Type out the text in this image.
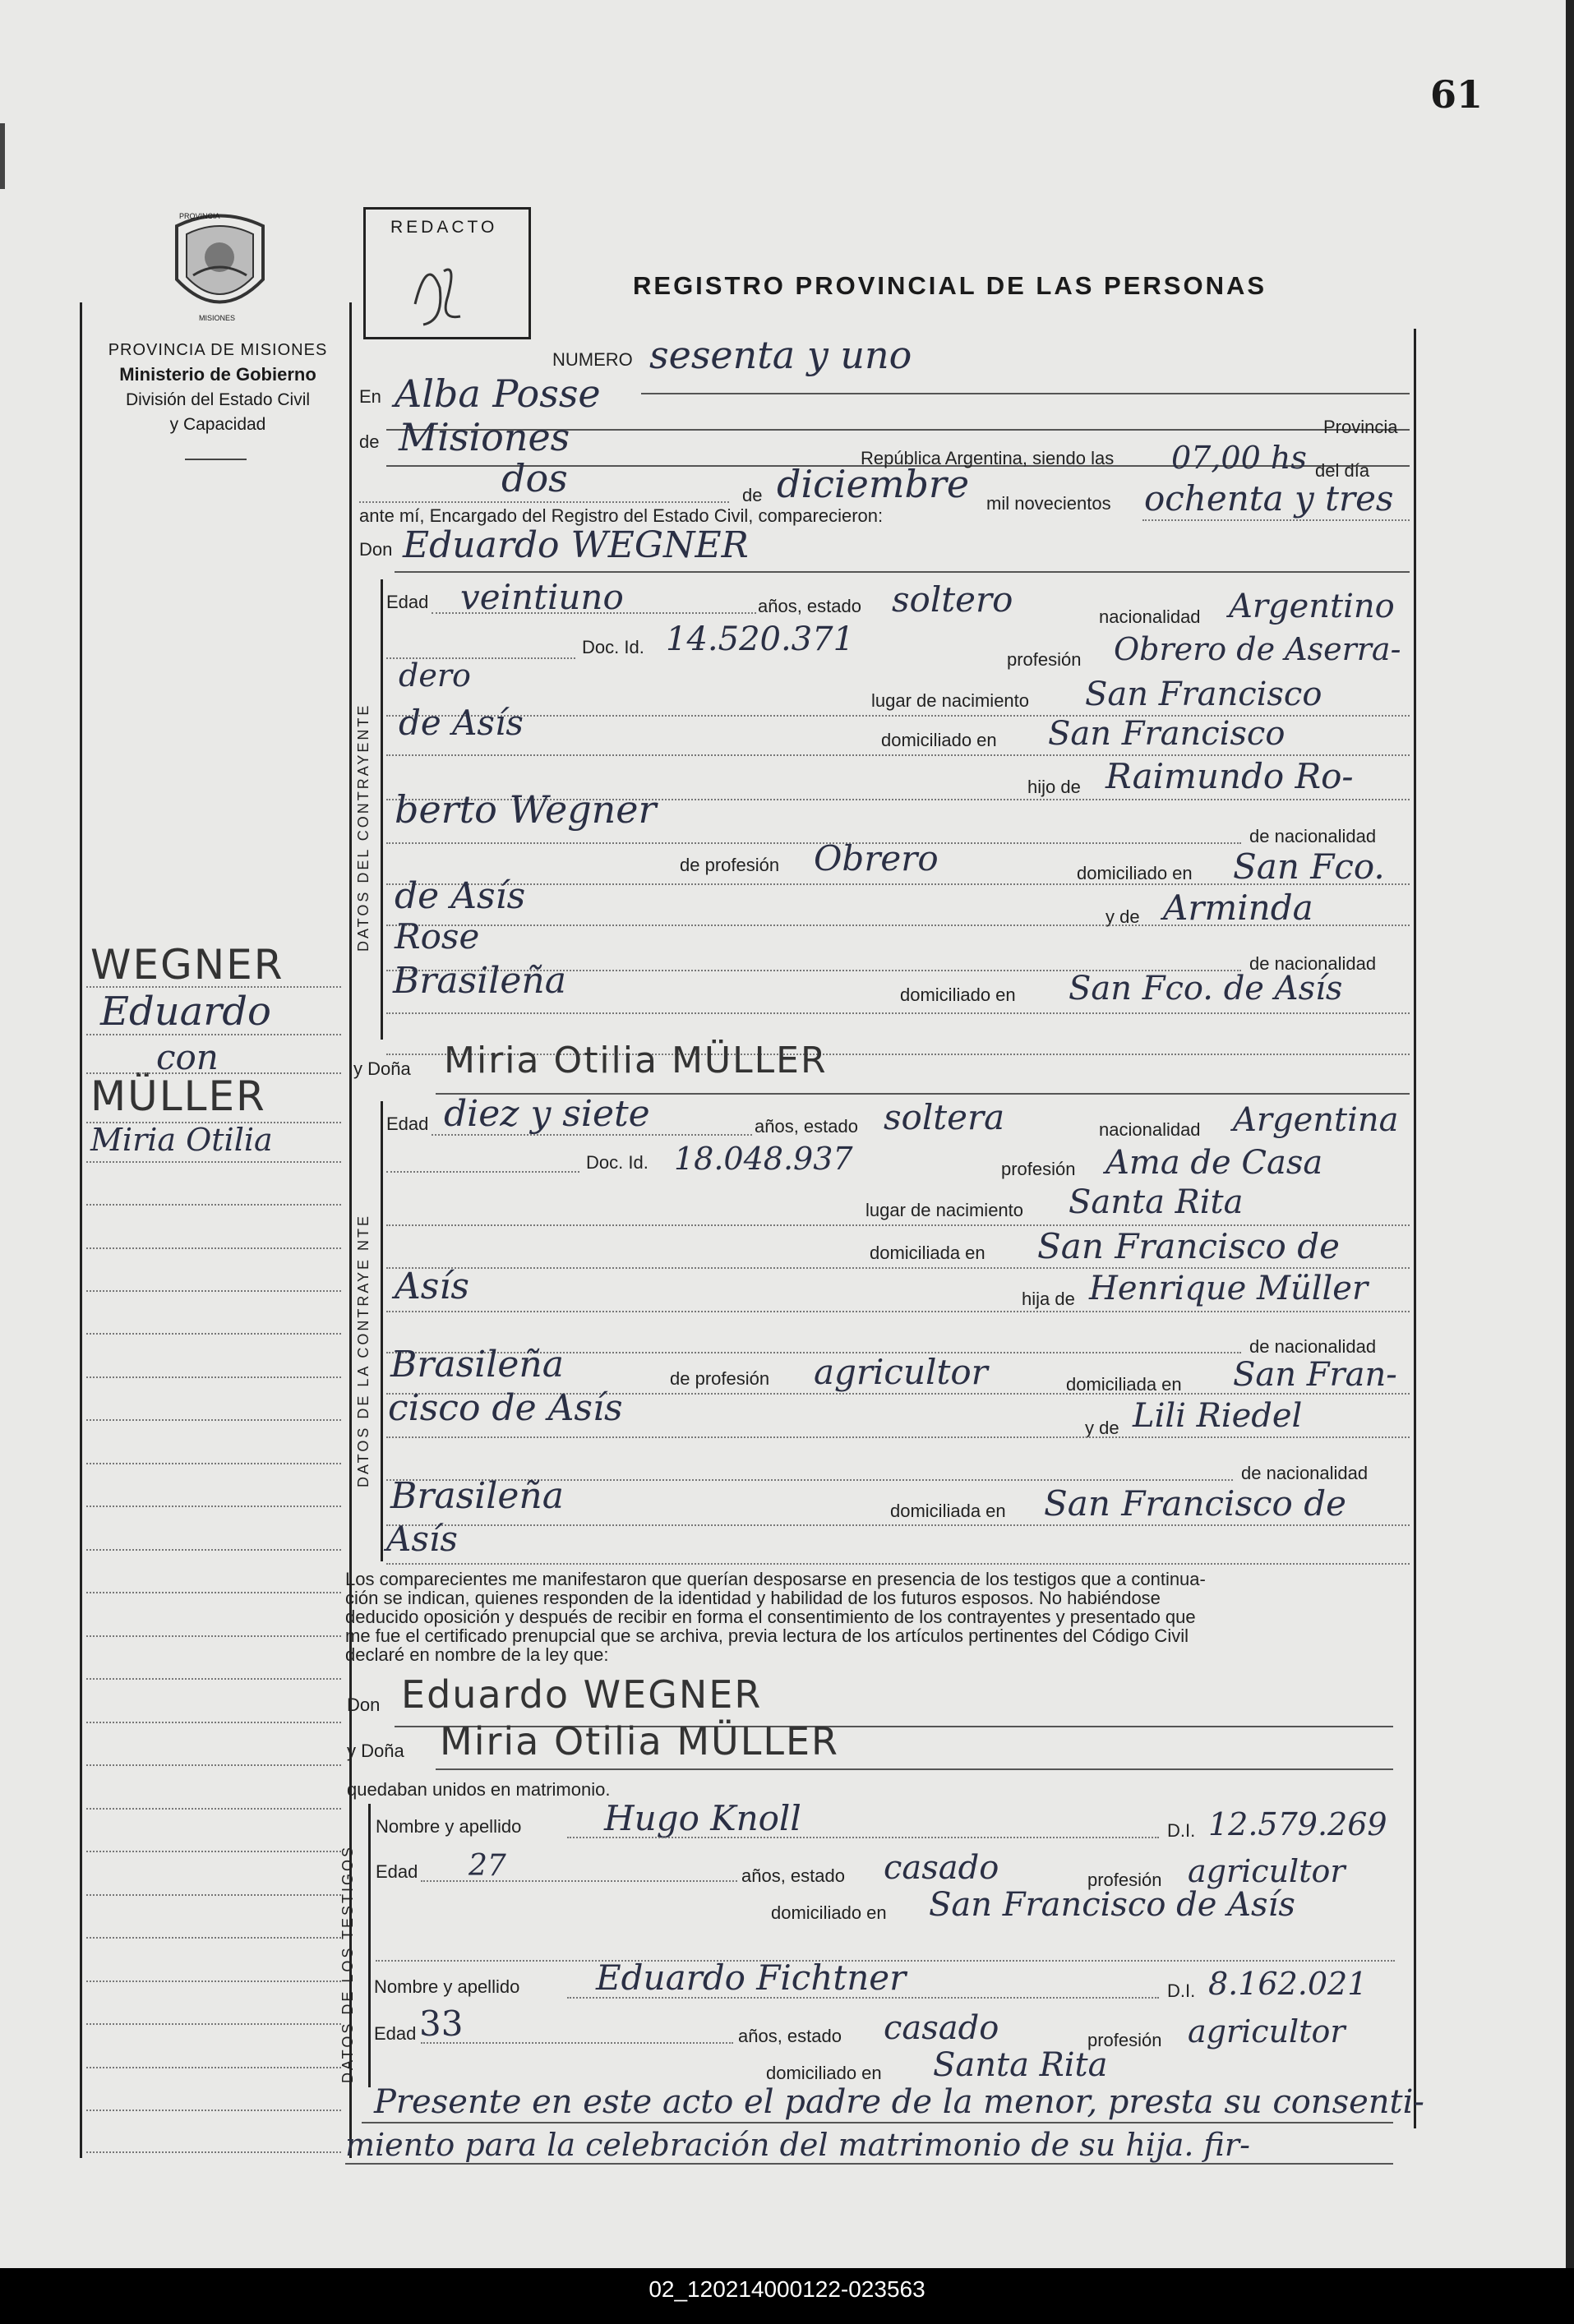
61
PROVINCIA
MISIONES
PROVINCIA DE MISIONES
Ministerio de Gobierno
División del Estado Civil
y Capacidad
REDACTO
REGISTRO PROVINCIAL DE LAS PERSONAS
WEGNER
Eduardo
con
MÜLLER
Miria Otilia
NUMERO sesenta y uno
En Alba Posse
de Misiones	Provincia
República Argentina, siendo las 07,00 hs del día
dos	de diciembre mil novecientos ochenta y tres
ante mí, Encargado del Registro del Estado Civil, comparecieron:
Don Eduardo WEGNER
DATOS DEL CONTRAYENTE
Edad veintiuno	años, estado soltero	nacionalidad Argentino
Doc. Id. 14.520.371
profesión Obrero de Aserra-
dero
lugar de nacimiento San Francisco
de Asís	domiciliado en San Francisco
hijo de Raimundo Ro-
berto Wegner
de nacionalidad
de profesión Obrero	domiciliado en San Fco.
de Asís	y de Arminda
Rose
de nacionalidad
Brasileña	domiciliado en San Fco. de Asís
y Doña Miria Otilia MÜLLER
DATOS DE LA CONTRAYE NTE
Edad diez y siete	años, estado soltera	nacionalidad Argentina
Doc. Id. 18.048.937	profesión Ama de Casa
lugar de nacimiento Santa Rita
domiciliada en San Francisco de
Asís	hija de Henrique Müller
de nacionalidad
Brasileña	de profesión agricultor	domiciliada en San Fran-
cisco de Asís	y de Lili Riedel
de nacionalidad
Brasileña	domiciliada en San Francisco de
Asís
Los comparecientes me manifestaron que querían desposarse en presencia de los testigos que a continua-
ción se indican, quienes responden de la identidad y habilidad de los futuros esposos. No habiéndose
deducido oposición y después de recibir en forma el consentimiento de los contrayentes y presentado que
me fue el certificado prenupcial que se archiva, previa lectura de los artículos pertinentes del Código Civil
declaré en nombre de la ley que:
Don Eduardo WEGNER
y Doña Miria Otilia MÜLLER
quedaban unidos en matrimonio.
DATOS DE LOS TESTIGOS
Nombre y apellido Hugo Knoll	D.I. 12.579.269
Edad 27	años, estado casado	profesión agricultor
domiciliado en San Francisco de Asís
Nombre y apellido Eduardo Fichtner	D.I. 8.162.021
Edad 33	años, estado casado	profesión agricultor
domiciliado en Santa Rita
Presente en este acto el padre de la menor, presta su consenti-
miento para la celebración del matrimonio de su hija. fir-
02_120214000122-023563
